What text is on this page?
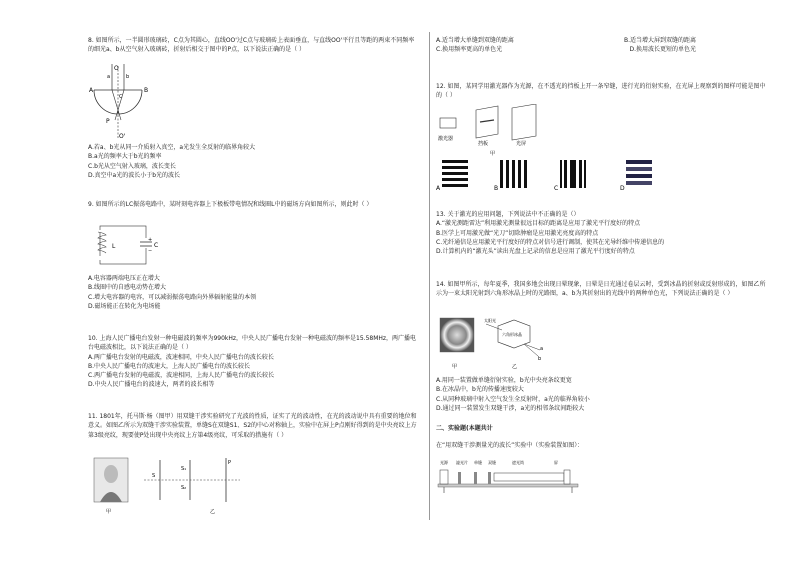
8. 如图所示，一半圆形玻璃砖，C点为其圆心，直线OO'过C点与玻璃砖上表面垂直，与直线OO'平行且等距的两束不同频率的细光a、b从空气射入玻璃砖，折射后相交于图中的P点，以下说法正确的是（ ）

O
a	b
A	B
C
P
O'

A.若a、b光从同一介质射入真空，a光发生全反射的临界角较大

B.a光的频率大于b光的频率

C.b光从空气射入玻璃，波长变长

D.真空中a光的波长小于b光的波长

9. 如图所示的LC振荡电路中，某时刻电容器上下极板带电情况和线圈L中的磁场方向如图所示，则此时（ ）

L
+
−
C

A.电容器两端电压正在增大

B.线圈中的自感电动势在增大

C.增大电容器的电容，可以减弱振荡电路向外界辐射能量的本领

D.磁场能正在转化为电场能

10. 上海人民广播电台发射一种电磁波的频率为990kHz，中央人民广播电台发射一种电磁波的频率是15.58MHz，两广播电台电磁波相比，以下说法正确的是（ ）

A.两广播电台发射的电磁波，波速相同，中央人民广播电台的波长较长

B.中央人民广播电台的波速大，上海人民广播电台的波长较长

C.两广播电台发射的电磁波，波速相同，上海人民广播电台的波长较长

D.中央人民广播电台的波速大，两者的波长相等

11. 1801年，托马斯·杨（图甲）用双缝干涉实验研究了光波的性质，证实了光的波动性，在光的波动说中具有重要的地位和意义。如图乙所示为双缝干涉实验装置，单缝S在双缝S1、S2的中心对称轴上，实验中在屏上P点刚好得到的是中央亮纹上方第3级亮纹，现要使P处出现中央亮纹上方第4级亮纹，可采取的措施有（ ）

甲
S
S₁
S₂
P
乙
A.适当增大单缝到双缝的距离	B.适当增大屏到双缝的距离
C.换用频率更高的单色光	D.换用波长更短的单色光

12. 如图，某同学用激光器作为光源，在不透光的挡板上开一条窄缝，进行光的衍射实验，在光屏上观察到的图样可能是图中的（ ）

激光器
挡板	光屏
甲
A	B	C	D

13. 关于激光的应用问题，下列说法中不正确的是（）

A.“激光测距雷达”利用激光测量很远目标的距离是应用了激光平行度好的特点

B.医学上可用激光做“光刀”切除肿瘤是应用激光亮度高的特点

C.光纤通信是应用激光平行度好的特点对信号进行调制，使其在光导纤维中传递信息的

D.计算机内的“激光头”读出光盘上记录的信息是应用了激光平行度好的特点

14. 如图甲所示，每年夏季，我国多地会出现日晕现象，日晕是日光通过卷层云时，受到冰晶的折射或反射形成的，如图乙所示为一束太阳光射到六角形冰晶上时的光路图，a、b为其折射出的光线中的两种单色光，下列说法正确的是（ ）

太阳光
六角形冰晶
a
b
甲	乙

A.用同一装置做单缝衍射实验，b光中央亮条纹更宽

B.在冰晶中，b光的传播速度较大

C.从同种玻璃中射入空气发生全反射时，a光的临界角较小

D.通过同一装置发生双缝干涉，a光的相邻条纹间距较大

二、实验题(本题共计

在“用双缝干涉测量光的波长”实验中（实验装置如图）：

光源 滤光片 单缝 双缝	遮光筒	屏
